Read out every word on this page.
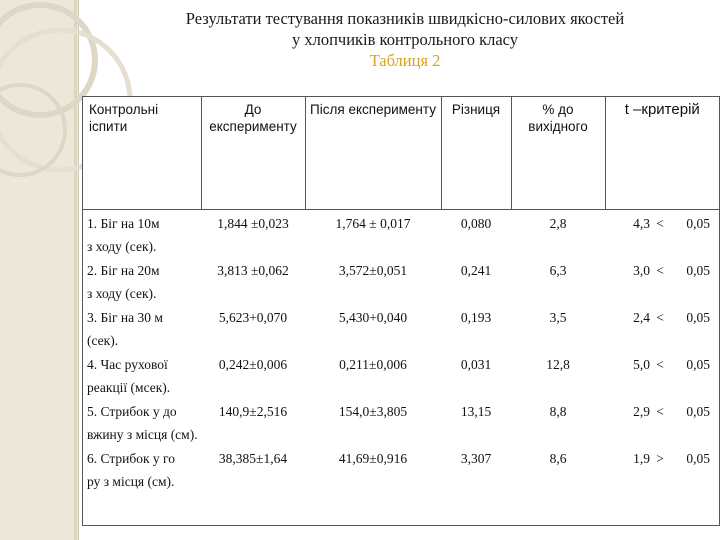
Результати тестування показників швидкісно-силових якостей
у хлопчиків контрольного класу
Таблиця 2
Контрольні іспити	До експерименту	Після експерименту	Різниця	% до вихідного	t –критерій
1. Біг на 10м
з ходу (сек).	1,844 ±0,023	1,764 ± 0,017	0,080	2,8	4,3 < 0,05
2. Біг на 20м
з ходу (сек).	3,813 ±0,062	3,572±0,051	0,241	6,3	3,0 < 0,05
3. Біг на 30 м
(сек).	5,623+0,070	5,430+0,040	0,193	3,5	2,4 < 0,05
4. Час рухової
реакції (мсек).	0,242±0,006	0,211±0,006	0,031	12,8	5,0 < 0,05
5. Стрибок у до
вжину з місця (см).	140,9±2,516	154,0±3,805	13,15	8,8	2,9 < 0,05
6. Стрибок у го
ру з місця (см).	38,385±1,64	41,69±0,916	3,307	8,6	1,9 > 0,05
